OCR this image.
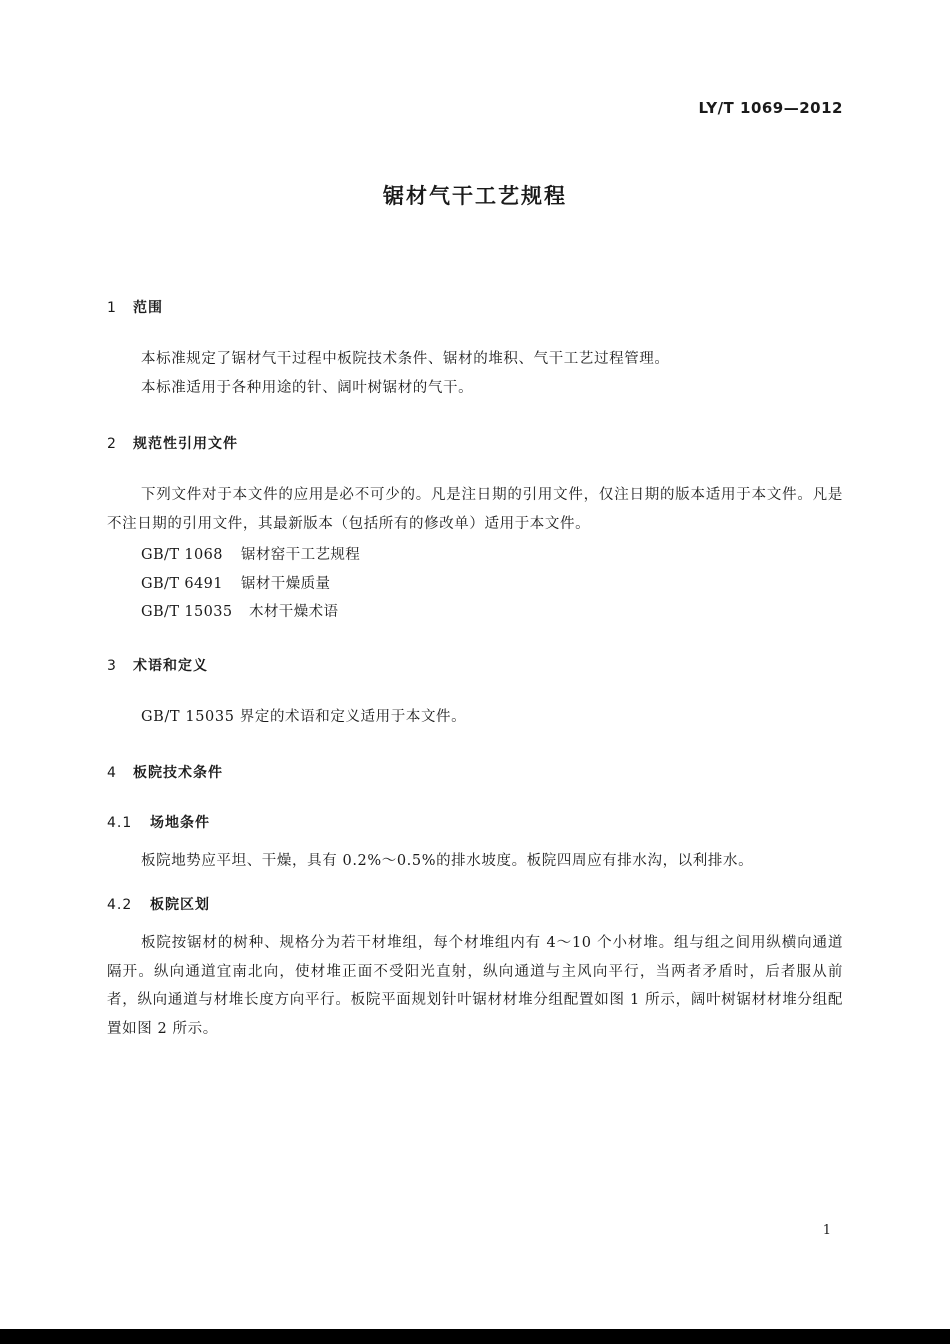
LY/T 1069—2012
锯材气干工艺规程
1 范围
本标准规定了锯材气干过程中板院技术条件、锯材的堆积、气干工艺过程管理。
本标准适用于各种用途的针、阔叶树锯材的气干。
2 规范性引用文件
下列文件对于本文件的应用是必不可少的。凡是注日期的引用文件，仅注日期的版本适用于本文件。凡是不注日期的引用文件，其最新版本（包括所有的修改单）适用于本文件。
GB/T 1068 锯材窑干工艺规程
GB/T 6491 锯材干燥质量
GB/T 15035 木材干燥术语
3 术语和定义
GB/T 15035 界定的术语和定义适用于本文件。
4 板院技术条件
4.1 场地条件
板院地势应平坦、干燥，具有 0.2%～0.5%的排水坡度。板院四周应有排水沟，以利排水。
4.2 板院区划
板院按锯材的树种、规格分为若干材堆组，每个材堆组内有 4～10 个小材堆。组与组之间用纵横向通道隔开。纵向通道宜南北向，使材堆正面不受阳光直射，纵向通道与主风向平行，当两者矛盾时，后者服从前者，纵向通道与材堆长度方向平行。板院平面规划针叶锯材材堆分组配置如图 1 所示，阔叶树锯材材堆分组配置如图 2 所示。
1
